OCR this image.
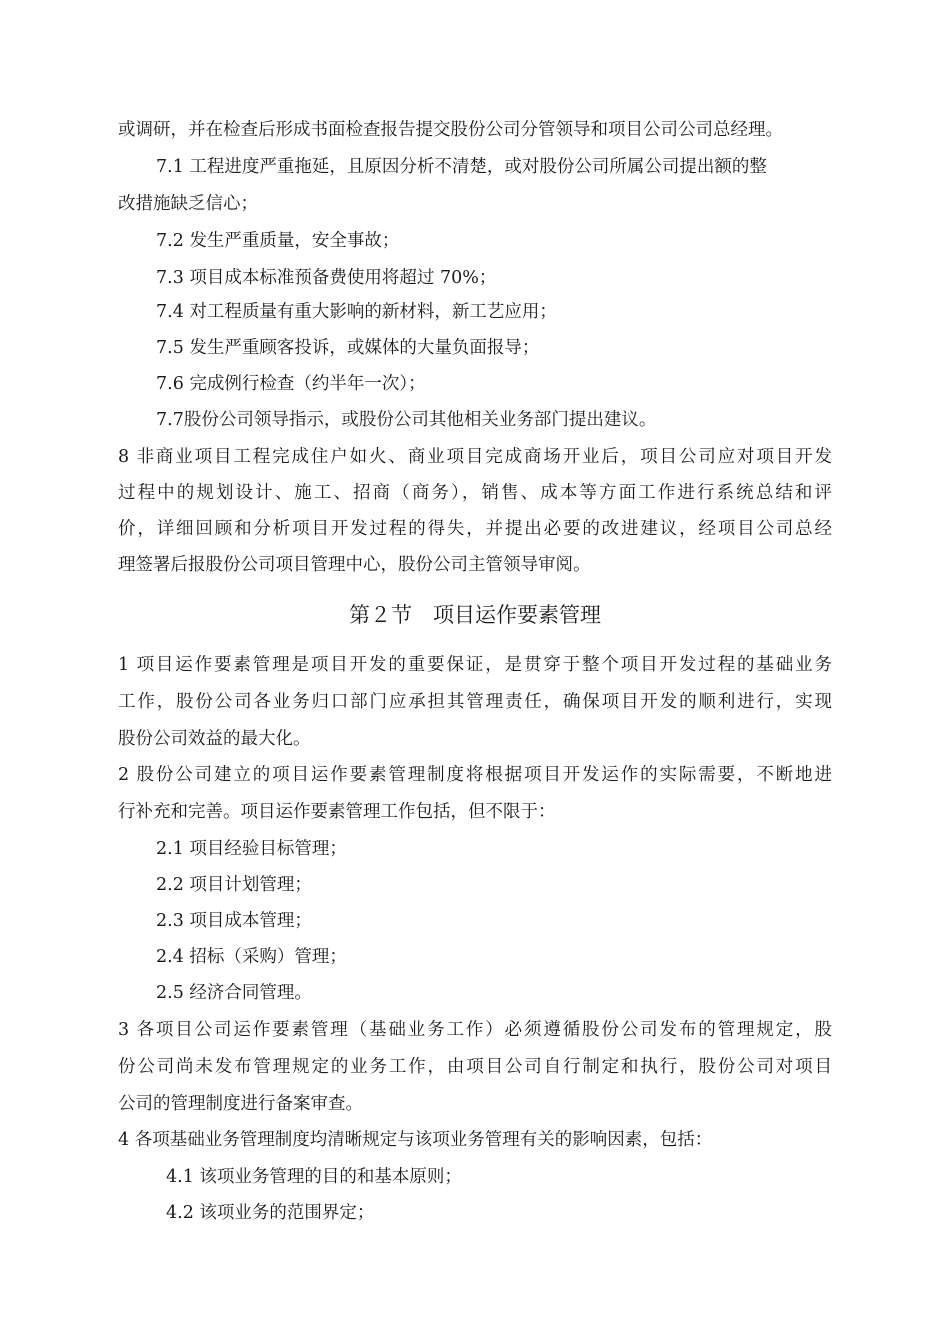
或调研，并在检查后形成书面检查报告提交股份公司分管领导和项目公司公司总经理。
7.1 工程进度严重拖延，且原因分析不清楚，或对股份公司所属公司提出额的整
改措施缺乏信心；
7.2 发生严重质量，安全事故；
7.3 项目成本标准预备费使用将超过 70%；
7.4 对工程质量有重大影响的新材料，新工艺应用；
7.5 发生严重顾客投诉，或媒体的大量负面报导；
7.6 完成例行检查（约半年一次）；
7.7股份公司领导指示，或股份公司其他相关业务部门提出建议。
8 非商业项目工程完成住户如火、商业项目完成商场开业后，项目公司应对项目开发
过程中的规划设计、施工、招商（商务），销售、成本等方面工作进行系统总结和评
价，详细回顾和分析项目开发过程的得失，并提出必要的改进建议，经项目公司总经
理签署后报股份公司项目管理中心，股份公司主管领导审阅。
第２节　项目运作要素管理
1 项目运作要素管理是项目开发的重要保证，是贯穿于整个项目开发过程的基础业务
工作，股份公司各业务归口部门应承担其管理责任，确保项目开发的顺利进行，实现
股份公司效益的最大化。
2 股份公司建立的项目运作要素管理制度将根据项目开发运作的实际需要，不断地进
行补充和完善。项目运作要素管理工作包括，但不限于：
2.1 项目经验目标管理；
2.2 项目计划管理；
2.3 项目成本管理；
2.4 招标（采购）管理；
2.5 经济合同管理。
3 各项目公司运作要素管理（基础业务工作）必须遵循股份公司发布的管理规定，股
份公司尚未发布管理规定的业务工作，由项目公司自行制定和执行，股份公司对项目
公司的管理制度进行备案审查。
4 各项基础业务管理制度均清晰规定与该项业务管理有关的影响因素，包括：
4.1 该项业务管理的目的和基本原则；
4.2 该项业务的范围界定；
